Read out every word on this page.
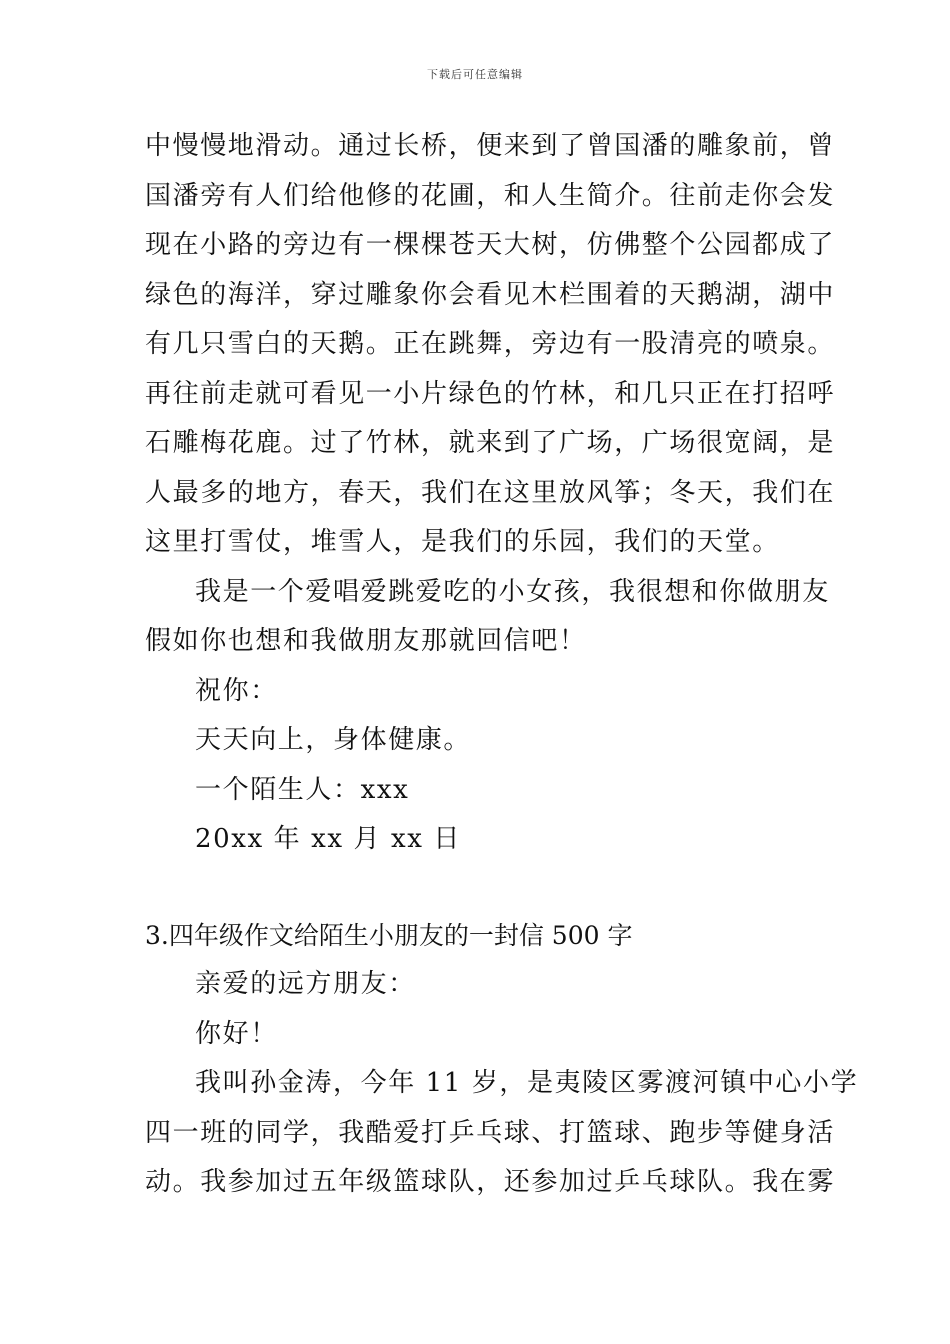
下载后可任意编辑
中慢慢地滑动。通过长桥，便来到了曾国潘的雕象前，曾
国潘旁有人们给他修的花圃，和人生简介。往前走你会发
现在小路的旁边有一棵棵苍天大树，仿佛整个公园都成了
绿色的海洋，穿过雕象你会看见木栏围着的天鹅湖，湖中
有几只雪白的天鹅。正在跳舞，旁边有一股清亮的喷泉。
再往前走就可看见一小片绿色的竹林，和几只正在打招呼
石雕梅花鹿。过了竹林，就来到了广场，广场很宽阔，是
人最多的地方，春天，我们在这里放风筝；冬天，我们在
这里打雪仗，堆雪人，是我们的乐园，我们的天堂。
我是一个爱唱爱跳爱吃的小女孩，我很想和你做朋友
假如你也想和我做朋友那就回信吧！
祝你：
天天向上，身体健康。
一个陌生人：xxx
20xx 年 xx 月 xx 日
3.四年级作文给陌生小朋友的一封信 500 字
亲爱的远方朋友：
你好！
我叫孙金涛，今年 11 岁，是夷陵区雾渡河镇中心小学
四一班的同学，我酷爱打乒乓球、打篮球、跑步等健身活
动。我参加过五年级篮球队，还参加过乒乓球队。我在雾
